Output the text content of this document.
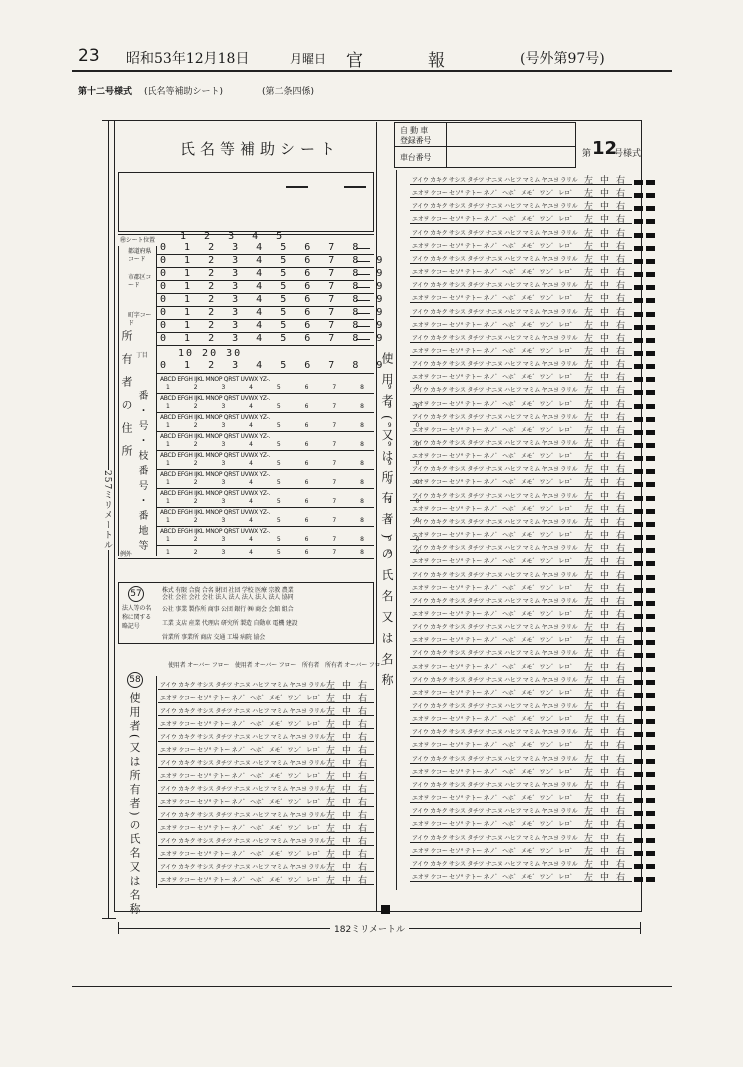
23 昭和53年12月18日	月曜日 官　報	(号外第97号)
第十二号様式 (氏名等補助シート)	(第二条四係)
257ミリメートル
182ミリメートル
氏名等補助シート
自 動 車
登録番号
車台番号	第 12
号様式
㊙シート位置	1 2 3 4 5
都道府県コード
市郡区コード
町字コード
丁目
所有者の住所 番・号・枝番号・番地等
0 1 2 3 4 5 6 7 8
0 1 2 3 4 5 6 7 8 9
0 1 2 3 4 5 6 7 8 9
0 1 2 3 4 5 6 7 8 9
0 1 2 3 4 5 6 7 8 9
0 1 2 3 4 5 6 7 8 9
0 1 2 3 4 5 6 7 8 9
0 1 2 3 4 5 6 7 8 9
10 20 30
0 1 2 3 4 5 6 7 8 9
ABCD EFGH IJKL MNOP QRST UVWX YZ-.
1 2 3 4 5 6 7 8 9 0
ABCD EFGH IJKL MNOP QRST UVWX YZ-.
1 2 3 4 5 6 7 8 9 0
ABCD EFGH IJKL MNOP QRST UVWX YZ-.
1 2 3 4 5 6 7 8 9 0
ABCD EFGH IJKL MNOP QRST UVWX YZ-.
1 2 3 4 5 6 7 8 9 0
ABCD EFGH IJKL MNOP QRST UVWX YZ-.
1 2 3 4 5 6 7 8 9 0
ABCD EFGH IJKL MNOP QRST UVWX YZ-.
1 2 3 4 5 6 7 8 9 0
ABCD EFGH IJKL MNOP QRST UVWX YZ-.
1 2 3 4 5 6 7 8 9 0
ABCD EFGH IJKL MNOP QRST UVWX YZ-.
1 2 3 4 5 6 7 8 9 0
ABCD EFGH IJKL MNOP QRST UVWX YZ-.
1 2 3 4 5 6 7 8 9 0
1 2 3 4 5 6 7 8 9 0
例外
57
法人等の名称に関する略記号
株式 有限 合資 合名 財団 社団 学校 医療 宗教 農業
会社 会社 会社 会社 法人 法人 法人 法人 法人 協同
公社 事業 製作所 商事 公団 銀行 ㈱ 商会 会館 組合
工業 支店 産業 代理店 研究所 製造 自動車 電機 建設
営業所 事業所 商店 交通 工場 病院 協会
58
使用者(又は所有者)の氏名又は名称
使用者 オーバー フロー　使用者 オーバー フロー　所有者　所有者 オーバー フロー
アイウ カキク サシス タチツ ナニヌ ハヒフ マミム ヤユヨ ラリル 左 中 右
エオヲ ケコー セソ° テトー ネノ゛ ヘホ゛ メモ゛ ワン゛ レロ゛ 左 中 右
アイウ カキク サシス タチツ ナニヌ ハヒフ マミム ヤユヨ ラリル 左 中 右
エオヲ ケコー セソ° テトー ネノ゛ ヘホ゛ メモ゛ ワン゛ レロ゛ 左 中 右
アイウ カキク サシス タチツ ナニヌ ハヒフ マミム ヤユヨ ラリル 左 中 右
エオヲ ケコー セソ° テトー ネノ゛ ヘホ゛ メモ゛ ワン゛ レロ゛ 左 中 右
アイウ カキク サシス タチツ ナニヌ ハヒフ マミム ヤユヨ ラリル 左 中 右
エオヲ ケコー セソ° テトー ネノ゛ ヘホ゛ メモ゛ ワン゛ レロ゛ 左 中 右
アイウ カキク サシス タチツ ナニヌ ハヒフ マミム ヤユヨ ラリル 左 中 右
エオヲ ケコー セソ° テトー ネノ゛ ヘホ゛ メモ゛ ワン゛ レロ゛ 左 中 右
アイウ カキク サシス タチツ ナニヌ ハヒフ マミム ヤユヨ ラリル 左 中 右
エオヲ ケコー セソ° テトー ネノ゛ ヘホ゛ メモ゛ ワン゛ レロ゛ 左 中 右
アイウ カキク サシス タチツ ナニヌ ハヒフ マミム ヤユヨ ラリル 左 中 右
エオヲ ケコー セソ° テトー ネノ゛ ヘホ゛ メモ゛ ワン゛ レロ゛ 左 中 右
アイウ カキク サシス タチツ ナニヌ ハヒフ マミム ヤユヨ ラリル 左 中 右
エオヲ ケコー セソ° テトー ネノ゛ ヘホ゛ メモ゛ ワン゛ レロ゛ 左 中 右
使用者(又は所有者)の氏名又は名称
アイウ カキク サシス タチツ ナニヌ ハヒフ マミム ヤユヨ ラリル 左 中 右
エオヲ ケコー セソ° テトー ネノ゛ ヘホ゛ メモ゛ ワン゛ レロ゛ 左 中 右
アイウ カキク サシス タチツ ナニヌ ハヒフ マミム ヤユヨ ラリル 左 中 右
エオヲ ケコー セソ° テトー ネノ゛ ヘホ゛ メモ゛ ワン゛ レロ゛ 左 中 右
アイウ カキク サシス タチツ ナニヌ ハヒフ マミム ヤユヨ ラリル 左 中 右
エオヲ ケコー セソ° テトー ネノ゛ ヘホ゛ メモ゛ ワン゛ レロ゛ 左 中 右
アイウ カキク サシス タチツ ナニヌ ハヒフ マミム ヤユヨ ラリル 左 中 右
エオヲ ケコー セソ° テトー ネノ゛ ヘホ゛ メモ゛ ワン゛ レロ゛ 左 中 右
アイウ カキク サシス タチツ ナニヌ ハヒフ マミム ヤユヨ ラリル 左 中 右
エオヲ ケコー セソ° テトー ネノ゛ ヘホ゛ メモ゛ ワン゛ レロ゛ 左 中 右
アイウ カキク サシス タチツ ナニヌ ハヒフ マミム ヤユヨ ラリル 左 中 右
エオヲ ケコー セソ° テトー ネノ゛ ヘホ゛ メモ゛ ワン゛ レロ゛ 左 中 右
アイウ カキク サシス タチツ ナニヌ ハヒフ マミム ヤユヨ ラリル 左 中 右
エオヲ ケコー セソ° テトー ネノ゛ ヘホ゛ メモ゛ ワン゛ レロ゛ 左 中 右
アイウ カキク サシス タチツ ナニヌ ハヒフ マミム ヤユヨ ラリル 左 中 右
エオヲ ケコー セソ° テトー ネノ゛ ヘホ゛ メモ゛ ワン゛ レロ゛ 左 中 右
アイウ カキク サシス タチツ ナニヌ ハヒフ マミム ヤユヨ ラリル 左 中 右
エオヲ ケコー セソ° テトー ネノ゛ ヘホ゛ メモ゛ ワン゛ レロ゛ 左 中 右
アイウ カキク サシス タチツ ナニヌ ハヒフ マミム ヤユヨ ラリル 左 中 右
エオヲ ケコー セソ° テトー ネノ゛ ヘホ゛ メモ゛ ワン゛ レロ゛ 左 中 右
アイウ カキク サシス タチツ ナニヌ ハヒフ マミム ヤユヨ ラリル 左 中 右
エオヲ ケコー セソ° テトー ネノ゛ ヘホ゛ メモ゛ ワン゛ レロ゛ 左 中 右
アイウ カキク サシス タチツ ナニヌ ハヒフ マミム ヤユヨ ラリル 左 中 右
エオヲ ケコー セソ° テトー ネノ゛ ヘホ゛ メモ゛ ワン゛ レロ゛ 左 中 右
アイウ カキク サシス タチツ ナニヌ ハヒフ マミム ヤユヨ ラリル 左 中 右
エオヲ ケコー セソ° テトー ネノ゛ ヘホ゛ メモ゛ ワン゛ レロ゛ 左 中 右
アイウ カキク サシス タチツ ナニヌ ハヒフ マミム ヤユヨ ラリル 左 中 右
エオヲ ケコー セソ° テトー ネノ゛ ヘホ゛ メモ゛ ワン゛ レロ゛ 左 中 右
アイウ カキク サシス タチツ ナニヌ ハヒフ マミム ヤユヨ ラリル 左 中 右
エオヲ ケコー セソ° テトー ネノ゛ ヘホ゛ メモ゛ ワン゛ レロ゛ 左 中 右
アイウ カキク サシス タチツ ナニヌ ハヒフ マミム ヤユヨ ラリル 左 中 右
エオヲ ケコー セソ° テトー ネノ゛ ヘホ゛ メモ゛ ワン゛ レロ゛ 左 中 右
アイウ カキク サシス タチツ ナニヌ ハヒフ マミム ヤユヨ ラリル 左 中 右
エオヲ ケコー セソ° テトー ネノ゛ ヘホ゛ メモ゛ ワン゛ レロ゛ 左 中 右
アイウ カキク サシス タチツ ナニヌ ハヒフ マミム ヤユヨ ラリル 左 中 右
エオヲ ケコー セソ° テトー ネノ゛ ヘホ゛ メモ゛ ワン゛ レロ゛ 左 中 右
アイウ カキク サシス タチツ ナニヌ ハヒフ マミム ヤユヨ ラリル 左 中 右
エオヲ ケコー セソ° テトー ネノ゛ ヘホ゛ メモ゛ ワン゛ レロ゛ 左 中 右
アイウ カキク サシス タチツ ナニヌ ハヒフ マミム ヤユヨ ラリル 左 中 右
エオヲ ケコー セソ° テトー ネノ゛ ヘホ゛ メモ゛ ワン゛ レロ゛ 左 中 右
アイウ カキク サシス タチツ ナニヌ ハヒフ マミム ヤユヨ ラリル 左 中 右
エオヲ ケコー セソ° テトー ネノ゛ ヘホ゛ メモ゛ ワン゛ レロ゛ 左 中 右
アイウ カキク サシス タチツ ナニヌ ハヒフ マミム ヤユヨ ラリル 左 中 右
エオヲ ケコー セソ° テトー ネノ゛ ヘホ゛ メモ゛ ワン゛ レロ゛ 左 中 右
アイウ カキク サシス タチツ ナニヌ ハヒフ マミム ヤユヨ ラリル 左 中 右
エオヲ ケコー セソ° テトー ネノ゛ ヘホ゛ メモ゛ ワン゛ レロ゛ 左 中 右
アイウ カキク サシス タチツ ナニヌ ハヒフ マミム ヤユヨ ラリル 左 中 右
エオヲ ケコー セソ° テトー ネノ゛ ヘホ゛ メモ゛ ワン゛ レロ゛ 左 中 右
アイウ カキク サシス タチツ ナニヌ ハヒフ マミム ヤユヨ ラリル 左 中 右
エオヲ ケコー セソ° テトー ネノ゛ ヘホ゛ メモ゛ ワン゛ レロ゛ 左 中 右
アイウ カキク サシス タチツ ナニヌ ハヒフ マミム ヤユヨ ラリル 左 中 右
エオヲ ケコー セソ° テトー ネノ゛ ヘホ゛ メモ゛ ワン゛ レロ゛ 左 中 右
アイウ カキク サシス タチツ ナニヌ ハヒフ マミム ヤユヨ ラリル 左 中 右
エオヲ ケコー セソ° テトー ネノ゛ ヘホ゛ メモ゛ ワン゛ レロ゛ 左 中 右
